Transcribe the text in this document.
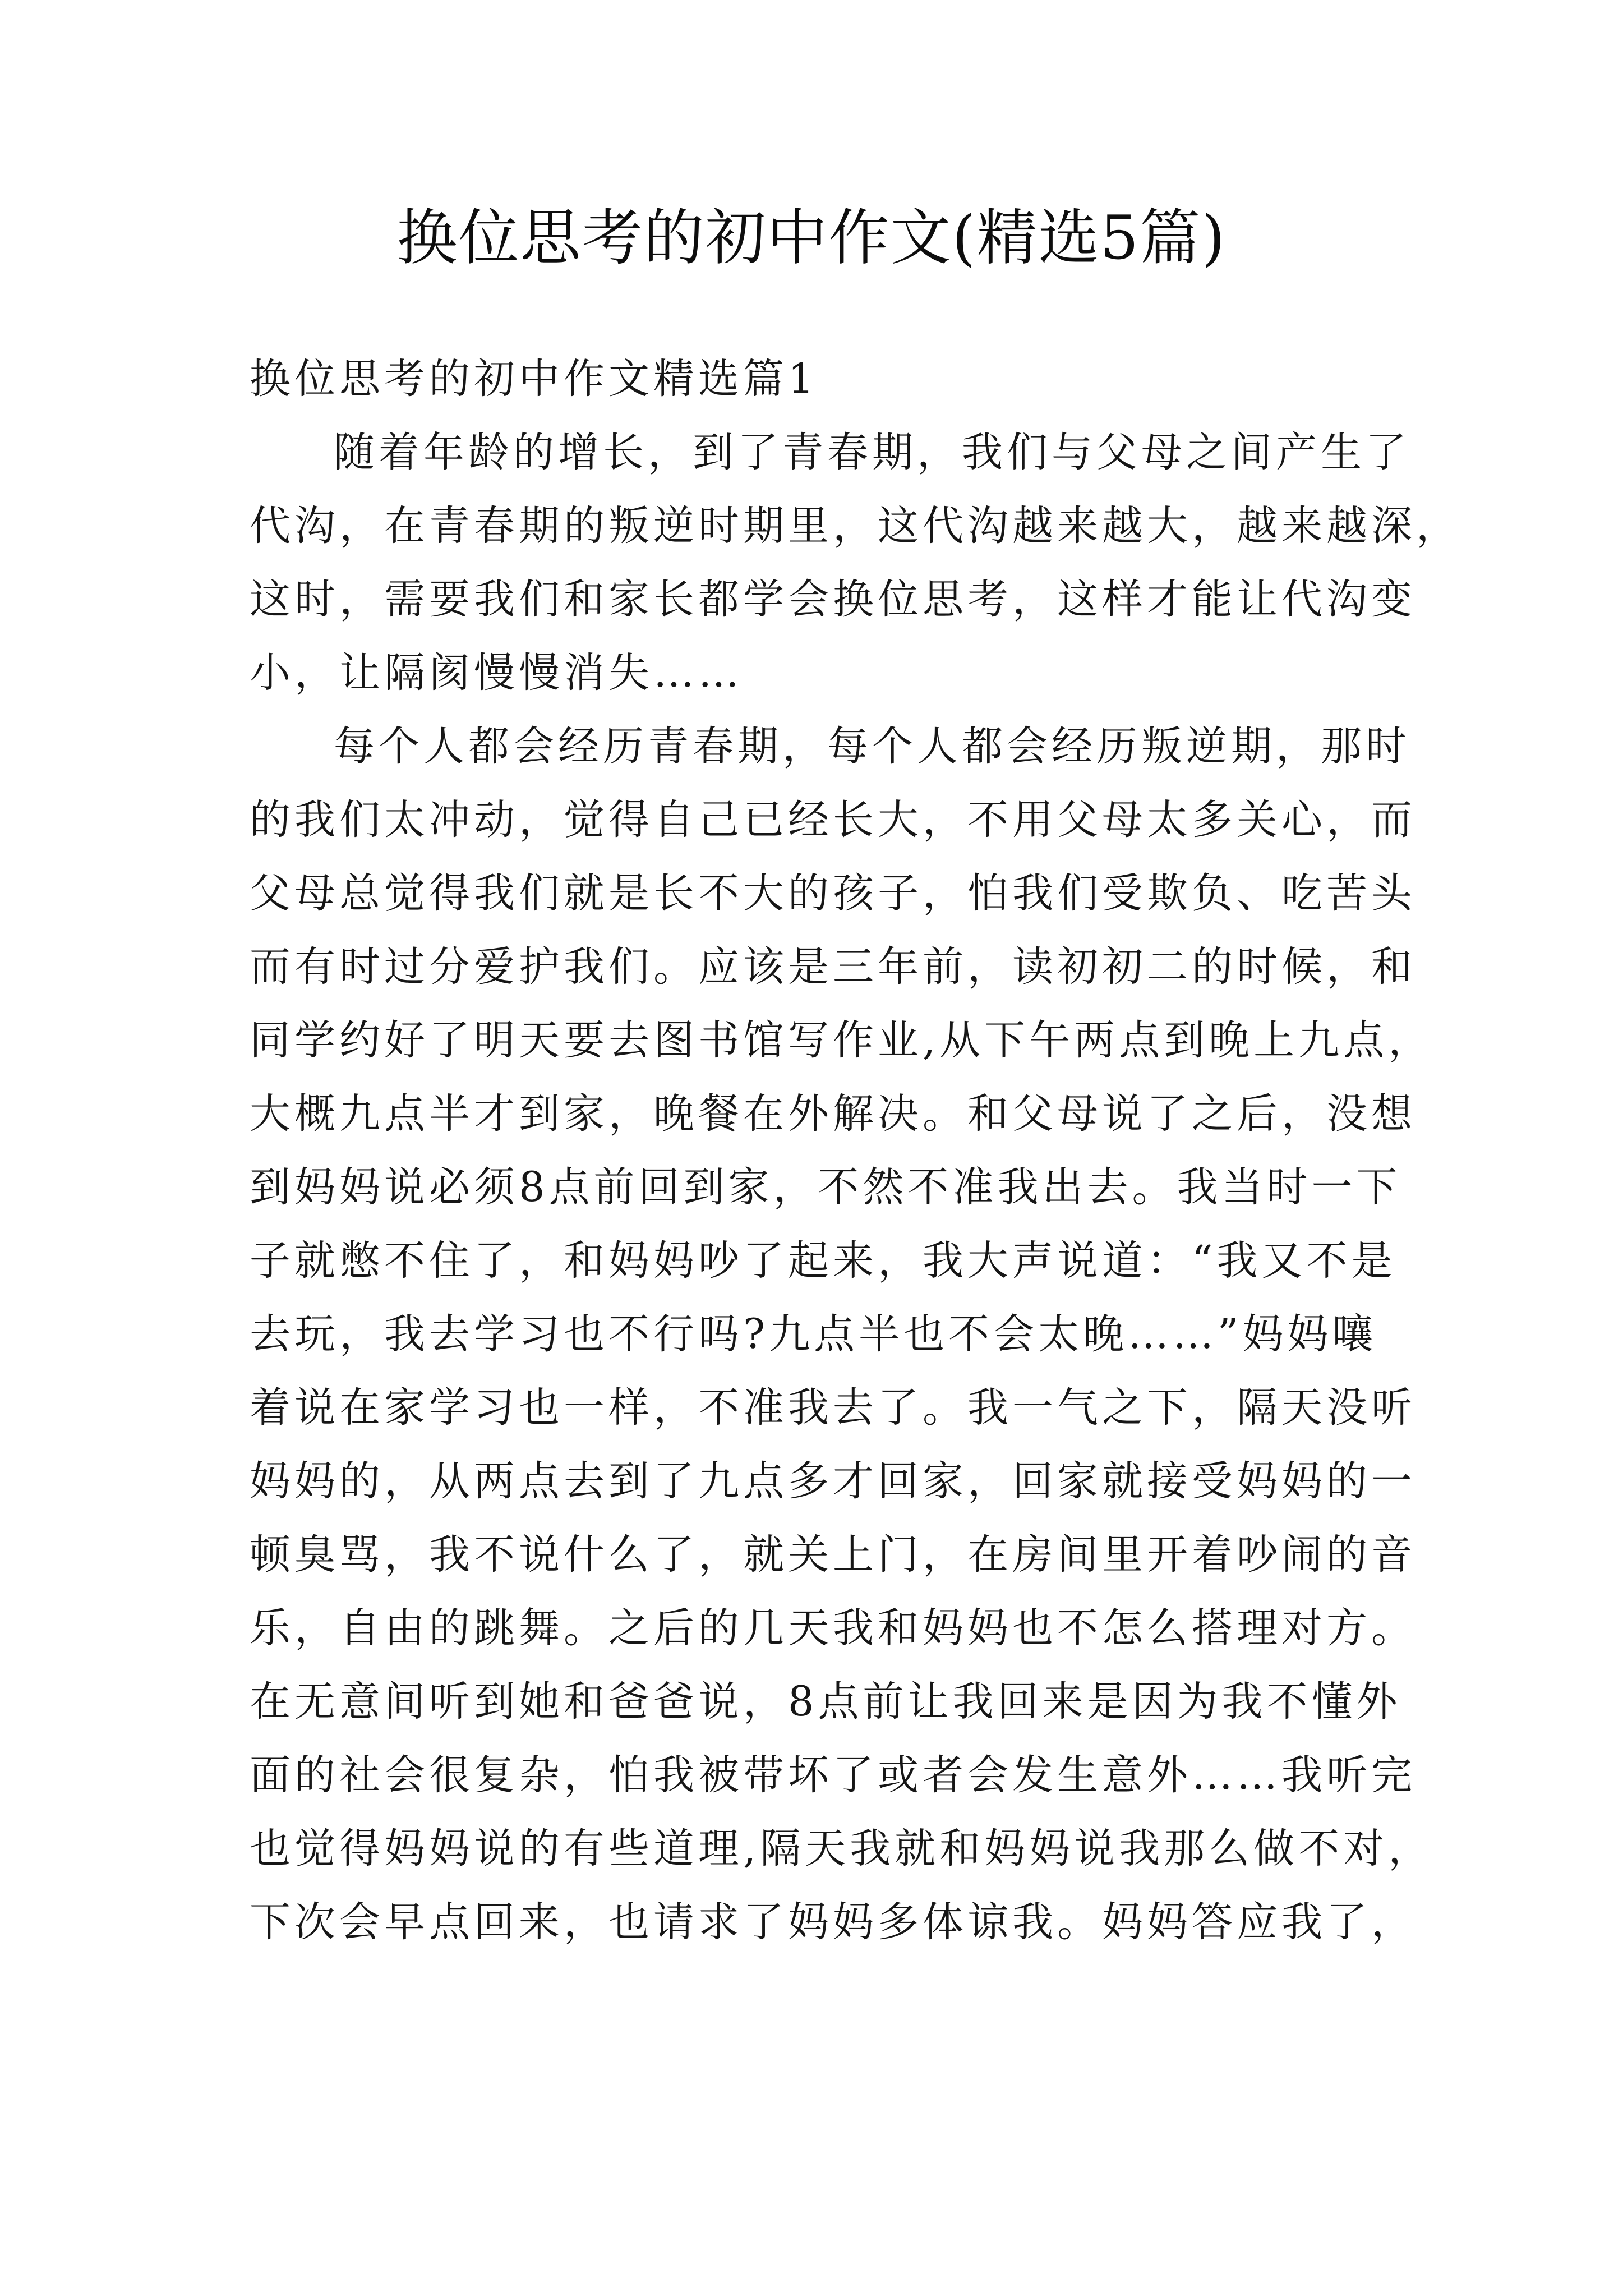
换位思考的初中作文(精选5篇)

换位思考的初中作文精选篇1

随着年龄的增长，到了青春期，我们与父母之间产生了
代沟，在青春期的叛逆时期里，这代沟越来越大，越来越深，
这时，需要我们和家长都学会换位思考，这样才能让代沟变
小，让隔阂慢慢消失……

每个人都会经历青春期，每个人都会经历叛逆期，那时
的我们太冲动，觉得自己已经长大，不用父母太多关心，而
父母总觉得我们就是长不大的孩子，怕我们受欺负、吃苦头
而有时过分爱护我们。应该是三年前，读初初二的时候，和
同学约好了明天要去图书馆写作业,从下午两点到晚上九点，
大概九点半才到家，晚餐在外解决。和父母说了之后，没想
到妈妈说必须8点前回到家，不然不准我出去。我当时一下
子就憋不住了，和妈妈吵了起来，我大声说道：“我又不是
去玩，我去学习也不行吗?九点半也不会太晚……”妈妈嚷
着说在家学习也一样，不准我去了。我一气之下，隔天没听
妈妈的，从两点去到了九点多才回家，回家就接受妈妈的一
顿臭骂，我不说什么了，就关上门，在房间里开着吵闹的音
乐，自由的跳舞。之后的几天我和妈妈也不怎么搭理对方。
在无意间听到她和爸爸说，8点前让我回来是因为我不懂外
面的社会很复杂，怕我被带坏了或者会发生意外……我听完
也觉得妈妈说的有些道理,隔天我就和妈妈说我那么做不对，
下次会早点回来，也请求了妈妈多体谅我。妈妈答应我了，
